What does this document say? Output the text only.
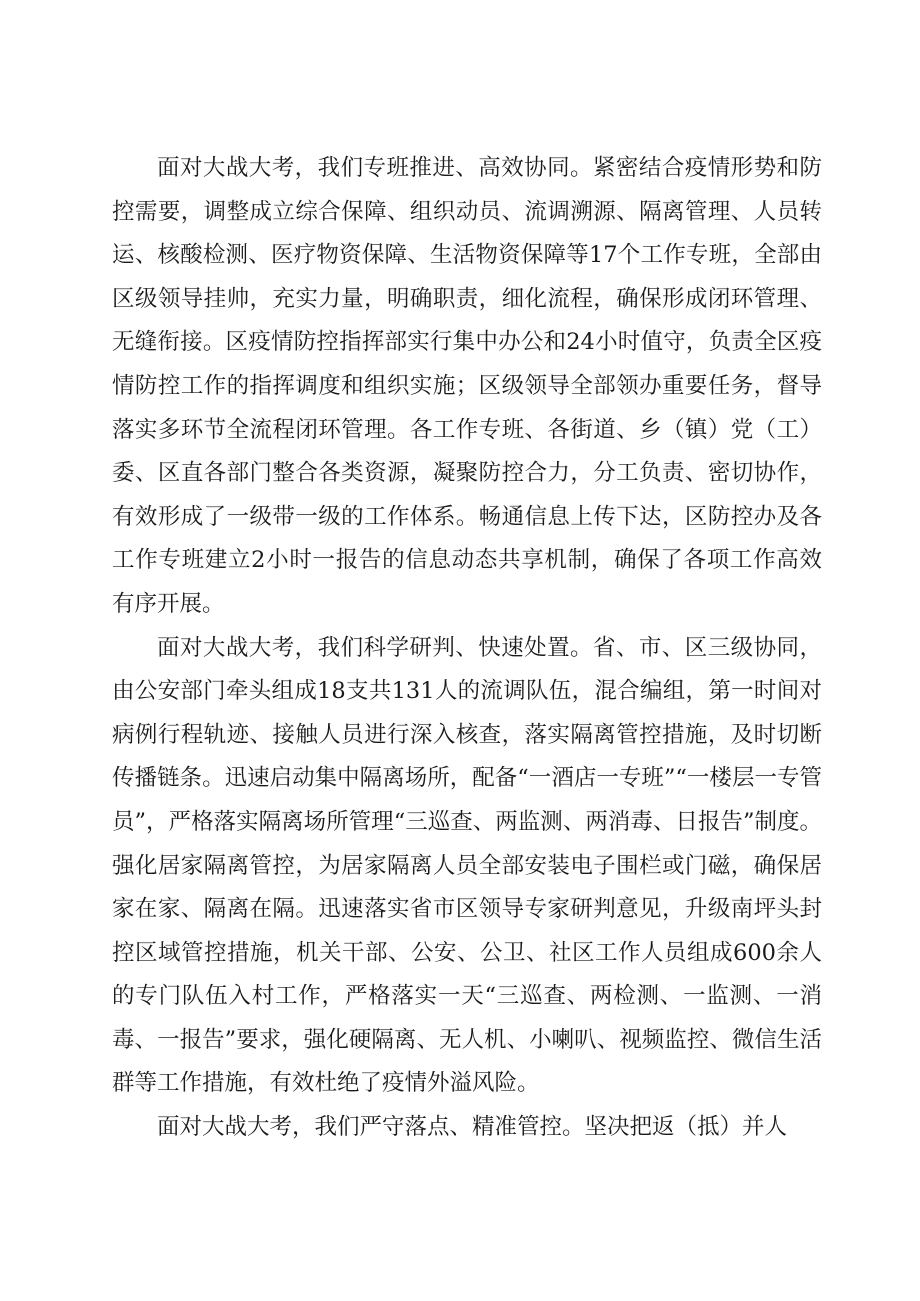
面对大战大考，我们专班推进、高效协同。紧密结合疫情形势和防控需要，调整成立综合保障、组织动员、流调溯源、隔离管理、人员转运、核酸检测、医疗物资保障、生活物资保障等17个工作专班，全部由区级领导挂帅，充实力量，明确职责，细化流程，确保形成闭环管理、无缝衔接。区疫情防控指挥部实行集中办公和24小时值守，负责全区疫情防控工作的指挥调度和组织实施；区级领导全部领办重要任务，督导落实多环节全流程闭环管理。各工作专班、各街道、乡（镇）党（工）委、区直各部门整合各类资源，凝聚防控合力，分工负责、密切协作，有效形成了一级带一级的工作体系。畅通信息上传下达，区防控办及各工作专班建立2小时一报告的信息动态共享机制，确保了各项工作高效有序开展。

面对大战大考，我们科学研判、快速处置。省、市、区三级协同，由公安部门牵头组成18支共131人的流调队伍，混合编组，第一时间对病例行程轨迹、接触人员进行深入核查，落实隔离管控措施，及时切断传播链条。迅速启动集中隔离场所，配备“一酒店一专班”“一楼层一专管员”，严格落实隔离场所管理“三巡查、两监测、两消毒、日报告”制度。强化居家隔离管控，为居家隔离人员全部安装电子围栏或门磁，确保居家在家、隔离在隔。迅速落实省市区领导专家研判意见，升级南坪头封控区域管控措施，机关干部、公安、公卫、社区工作人员组成600余人的专门队伍入村工作，严格落实一天“三巡查、两检测、一监测、一消毒、一报告”要求，强化硬隔离、无人机、小喇叭、视频监控、微信生活群等工作措施，有效杜绝了疫情外溢风险。

面对大战大考，我们严守落点、精准管控。坚决把返（抵）并人
